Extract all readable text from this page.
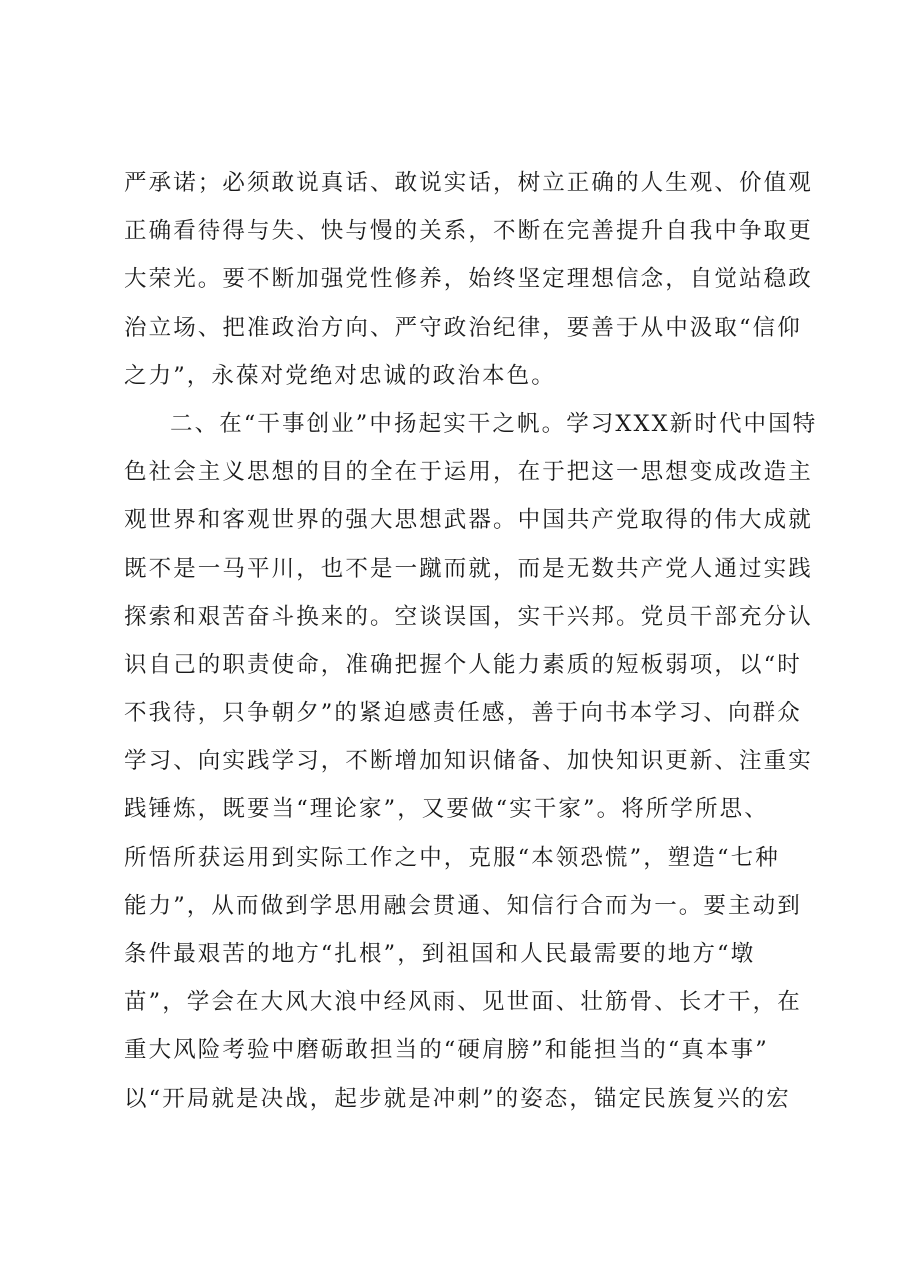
严承诺；必须敢说真话、敢说实话，树立正确的人生观、价值观
正确看待得与失、快与慢的关系，不断在完善提升自我中争取更
大荣光。要不断加强党性修养，始终坚定理想信念，自觉站稳政
治立场、把准政治方向、严守政治纪律，要善于从中汲取“信仰
之力”，永葆对党绝对忠诚的政治本色。
二、在“干事创业”中扬起实干之帆。学习XXX新时代中国特
色社会主义思想的目的全在于运用，在于把这一思想变成改造主
观世界和客观世界的强大思想武器。中国共产党取得的伟大成就
既不是一马平川，也不是一蹴而就，而是无数共产党人通过实践
探索和艰苦奋斗换来的。空谈误国，实干兴邦。党员干部充分认
识自己的职责使命，准确把握个人能力素质的短板弱项，以“时
不我待，只争朝夕”的紧迫感责任感，善于向书本学习、向群众
学习、向实践学习，不断增加知识储备、加快知识更新、注重实
践锤炼，既要当“理论家”，又要做“实干家”。将所学所思、
所悟所获运用到实际工作之中，克服“本领恐慌”，塑造“七种
能力”，从而做到学思用融会贯通、知信行合而为一。要主动到
条件最艰苦的地方“扎根”，到祖国和人民最需要的地方“墩
苗”，学会在大风大浪中经风雨、见世面、壮筋骨、长才干，在
重大风险考验中磨砺敢担当的“硬肩膀”和能担当的“真本事”
以“开局就是决战，起步就是冲刺”的姿态，锚定民族复兴的宏
